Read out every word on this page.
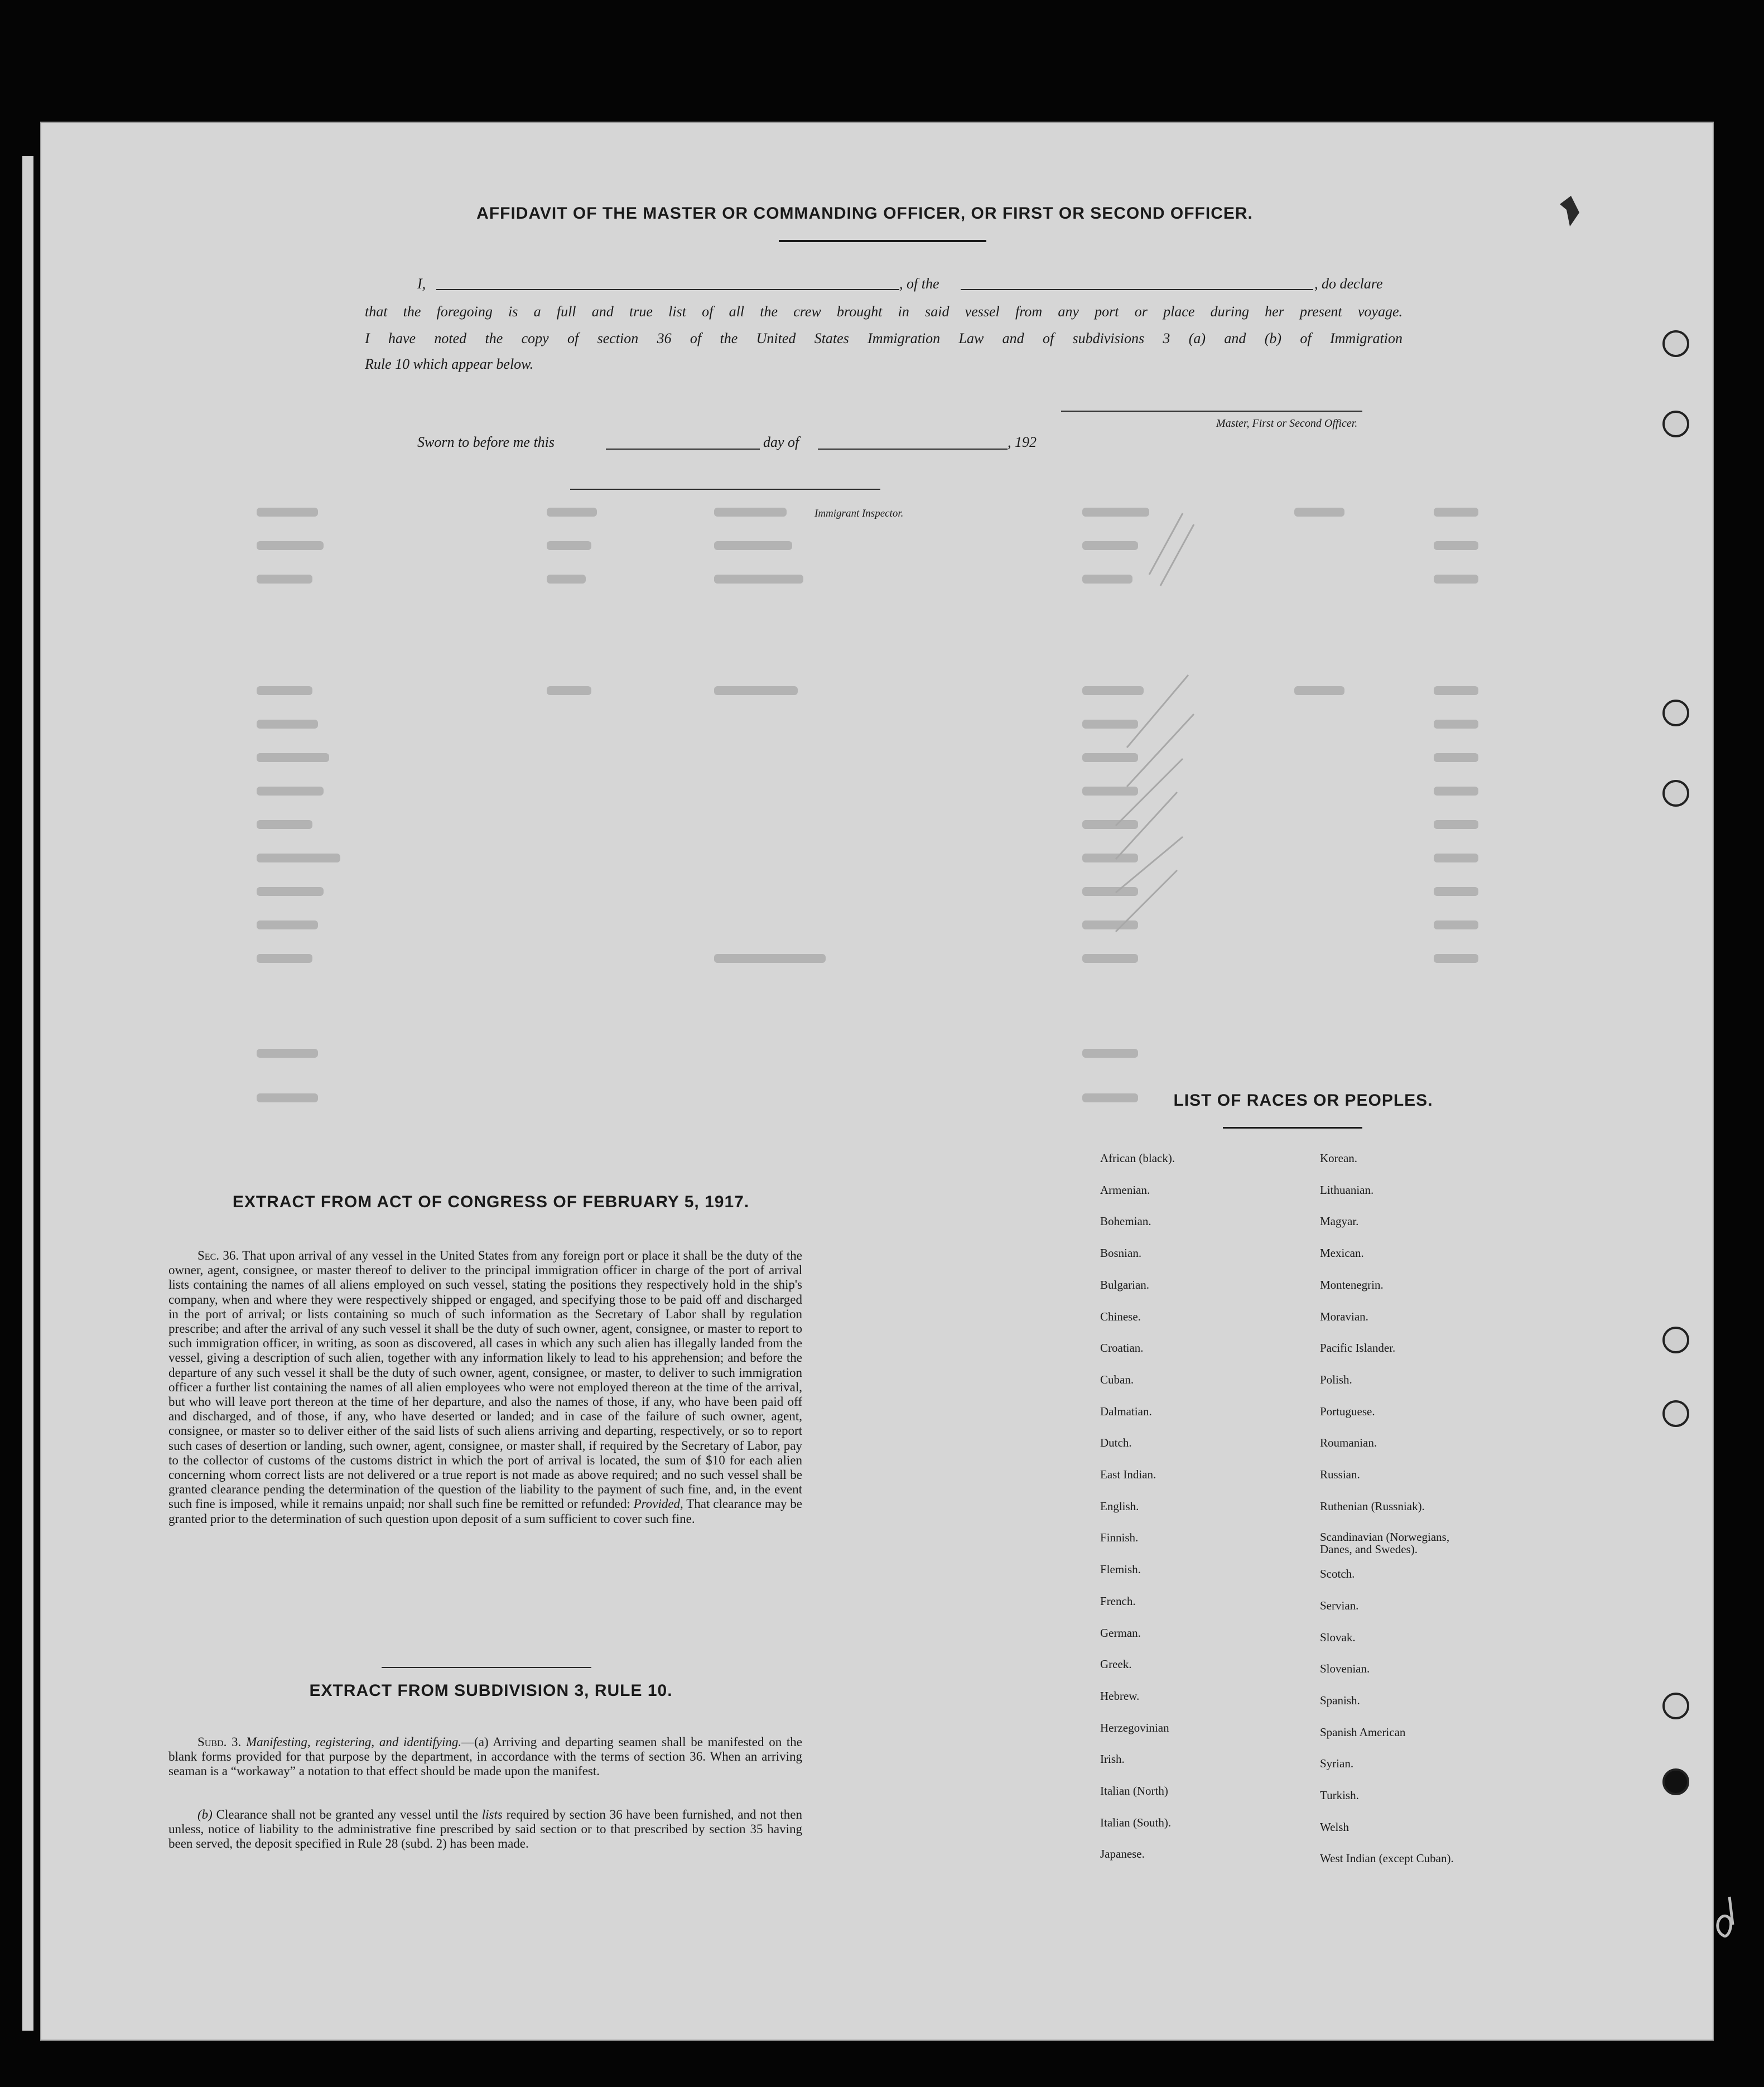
AFFIDAVIT OF THE MASTER OR COMMANDING OFFICER, OR FIRST OR SECOND OFFICER.
I,	, of the	, do declare
that the foregoing is a full and true list of all the crew brought in said vessel from any port or place during her present voyage.
I have noted the copy of section 36 of the United States Immigration Law and of subdivisions 3 (a) and (b) of Immigration
Rule 10 which appear below.
Master, First or Second Officer.
Sworn to before me this	day of	, 192
Immigrant Inspector.
EXTRACT FROM ACT OF CONGRESS OF FEBRUARY 5, 1917.
Sec. 36. That upon arrival of any vessel in the United States from any foreign port or place it shall be the duty of the owner, agent, consignee, or master thereof to deliver to the principal immigration officer in charge of the port of arrival lists containing the names of all aliens employed on such vessel, stating the positions they respectively hold in the ship's company, when and where they were respectively shipped or engaged, and specifying those to be paid off and discharged in the port of arrival; or lists containing so much of such information as the Secretary of Labor shall by regulation prescribe; and after the arrival of any such vessel it shall be the duty of such owner, agent, consignee, or master to report to such immigration officer, in writing, as soon as discovered, all cases in which any such alien has illegally landed from the vessel, giving a description of such alien, together with any information likely to lead to his apprehension; and before the departure of any such vessel it shall be the duty of such owner, agent, consignee, or master, to deliver to such immigration officer a further list containing the names of all alien employees who were not employed thereon at the time of the arrival, but who will leave port thereon at the time of her departure, and also the names of those, if any, who have been paid off and discharged, and of those, if any, who have deserted or landed; and in case of the failure of such owner, agent, consignee, or master so to deliver either of the said lists of such aliens arriving and departing, respectively, or so to report such cases of desertion or landing, such owner, agent, consignee, or master shall, if required by the Secretary of Labor, pay to the collector of customs of the customs district in which the port of arrival is located, the sum of $10 for each alien concerning whom correct lists are not delivered or a true report is not made as above required; and no such vessel shall be granted clearance pending the determination of the question of the liability to the payment of such fine, and, in the event such fine is imposed, while it remains unpaid; nor shall such fine be remitted or refunded: Provided, That clearance may be granted prior to the determination of such question upon deposit of a sum sufficient to cover such fine.
EXTRACT FROM SUBDIVISION 3, RULE 10.
Subd. 3. Manifesting, registering, and identifying.—(a) Arriving and departing seamen shall be manifested on the blank forms provided for that purpose by the department, in accordance with the terms of section 36. When an arriving seaman is a “workaway” a notation to that effect should be made upon the manifest.
(b) Clearance shall not be granted any vessel until the lists required by section 36 have been furnished, and not then unless, notice of liability to the administrative fine prescribed by said section or to that prescribed by section 35 having been served, the deposit specified in Rule 28 (subd. 2) has been made.
LIST OF RACES OR PEOPLES.
African (black).
Armenian.
Bohemian.
Bosnian.
Bulgarian.
Chinese.
Croatian.
Cuban.
Dalmatian.
Dutch.
East Indian.
English.
Finnish.
Flemish.
French.
German.
Greek.
Hebrew.
Herzegovinian
Irish.
Italian (North)
Italian (South).
Japanese.
Korean.
Lithuanian.
Magyar.
Mexican.
Montenegrin.
Moravian.
Pacific Islander.
Polish.
Portuguese.
Roumanian.
Russian.
Ruthenian (Russniak).
Scandinavian (Norwegians, Danes, and Swedes).
Scotch.
Servian.
Slovak.
Slovenian.
Spanish.
Spanish American
Syrian.
Turkish.
Welsh
West Indian (except Cuban).
